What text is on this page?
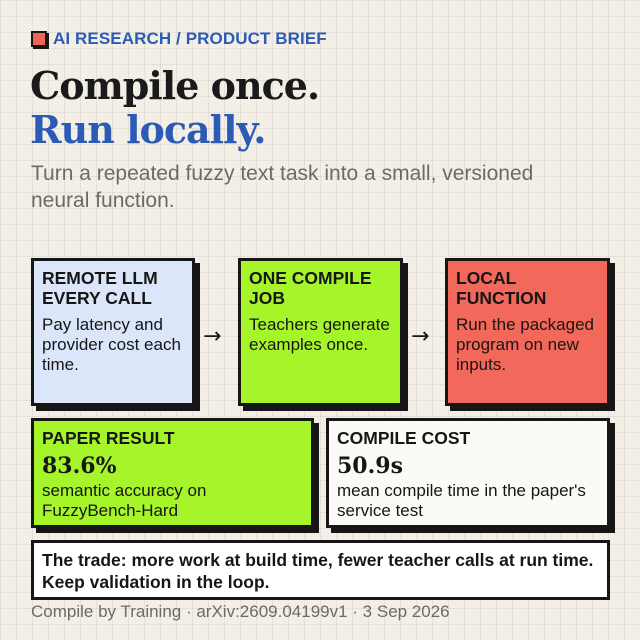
AI RESEARCH / PRODUCT BRIEF
Compile once.
Run locally.
Turn a repeated fuzzy text task into a small, versioned neural function.
REMOTE LLM EVERY CALL
Pay latency and provider cost each time.
→
ONE COMPILE JOB
Teachers generate examples once.	→
LOCAL FUNCTION
Run the packaged program on new inputs.
PAPER RESULT
83.6%
semantic accuracy on FuzzyBench-Hard
COMPILE COST
50.9s
mean compile time in the paper's service test
The trade: more work at build time, fewer teacher calls at run time. Keep validation in the loop.
Compile by Training · arXiv:2609.04199v1 · 3 Sep 2026
